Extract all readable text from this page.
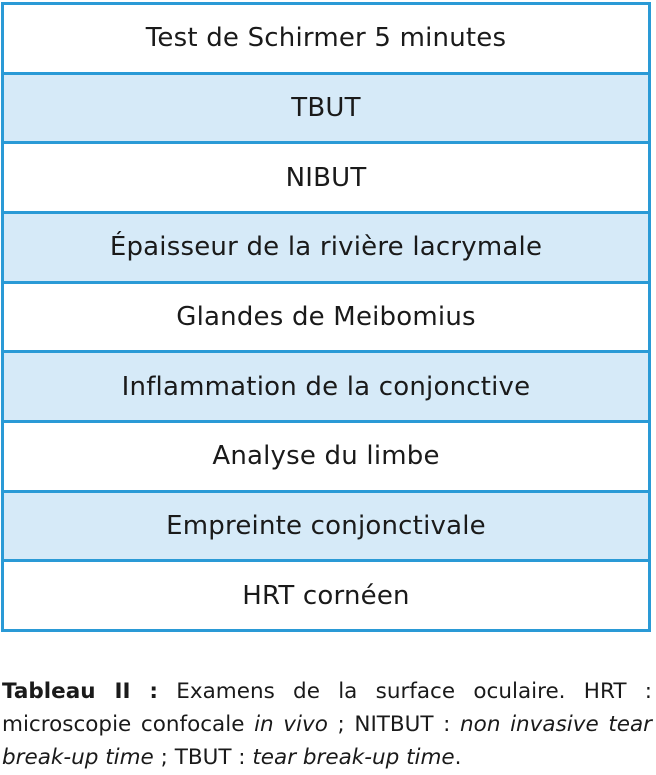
Test de Schirmer 5 minutes
TBUT
NIBUT
Épaisseur de la rivière lacrymale
Glandes de Meibomius
Inflammation de la conjonctive
Analyse du limbe
Empreinte conjonctivale
HRT cornéen
Tableau II : Examens de la surface oculaire. HRT : microscopie confocale in vivo ; NITBUT : non invasive tear break-up time ; TBUT : tear break-up time.
